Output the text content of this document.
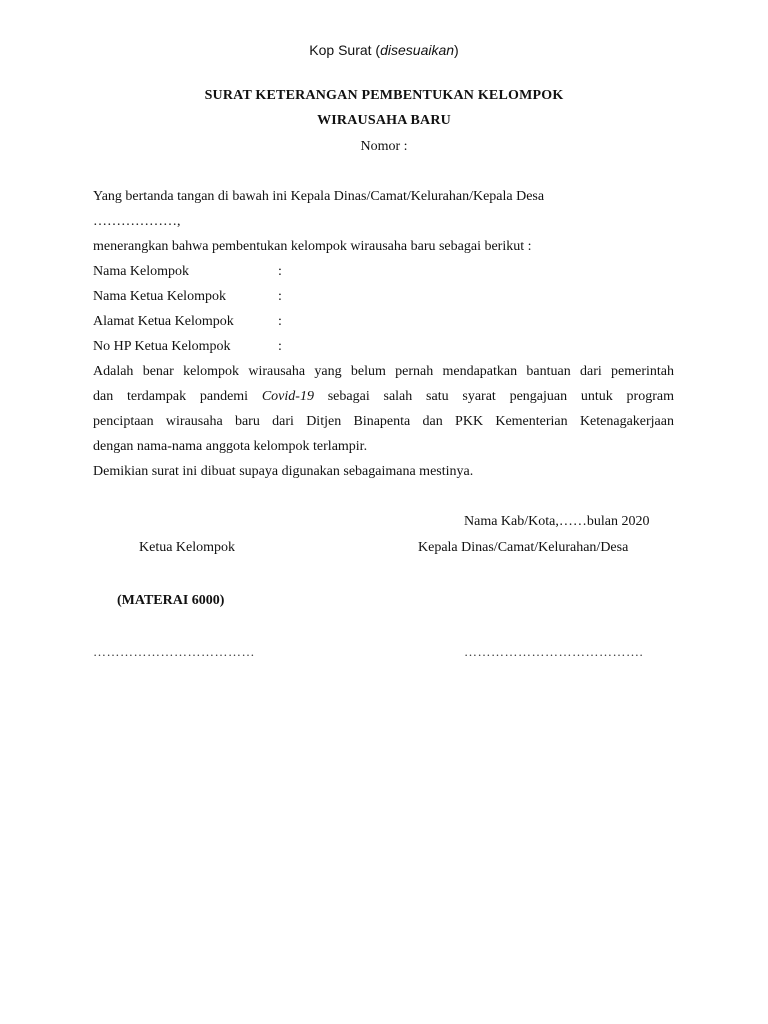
Kop Surat (disesuaikan)
SURAT KETERANGAN PEMBENTUKAN KELOMPOK
WIRAUSAHA BARU
Nomor :
Yang bertanda tangan di bawah ini Kepala Dinas/Camat/Kelurahan/Kepala Desa
………………,
menerangkan bahwa pembentukan kelompok wirausaha baru sebagai berikut :
Nama Kelompok	:
Nama Ketua Kelompok	:
Alamat Ketua Kelompok	:
No HP Ketua Kelompok	:
Adalah benar kelompok wirausaha yang belum pernah mendapatkan bantuan dari pemerintah
dan terdampak pandemi Covid-19 sebagai salah satu syarat pengajuan untuk program
penciptaan wirausaha baru dari Ditjen Binapenta dan PKK Kementerian Ketenagakerjaan
dengan nama-nama anggota kelompok terlampir.
Demikian surat ini dibuat supaya digunakan sebagaimana mestinya.
Nama Kab/Kota,……bulan 2020
Ketua Kelompok	Kepala Dinas/Camat/Kelurahan/Desa
(MATERAI 6000)
………………………………	………………………………….
